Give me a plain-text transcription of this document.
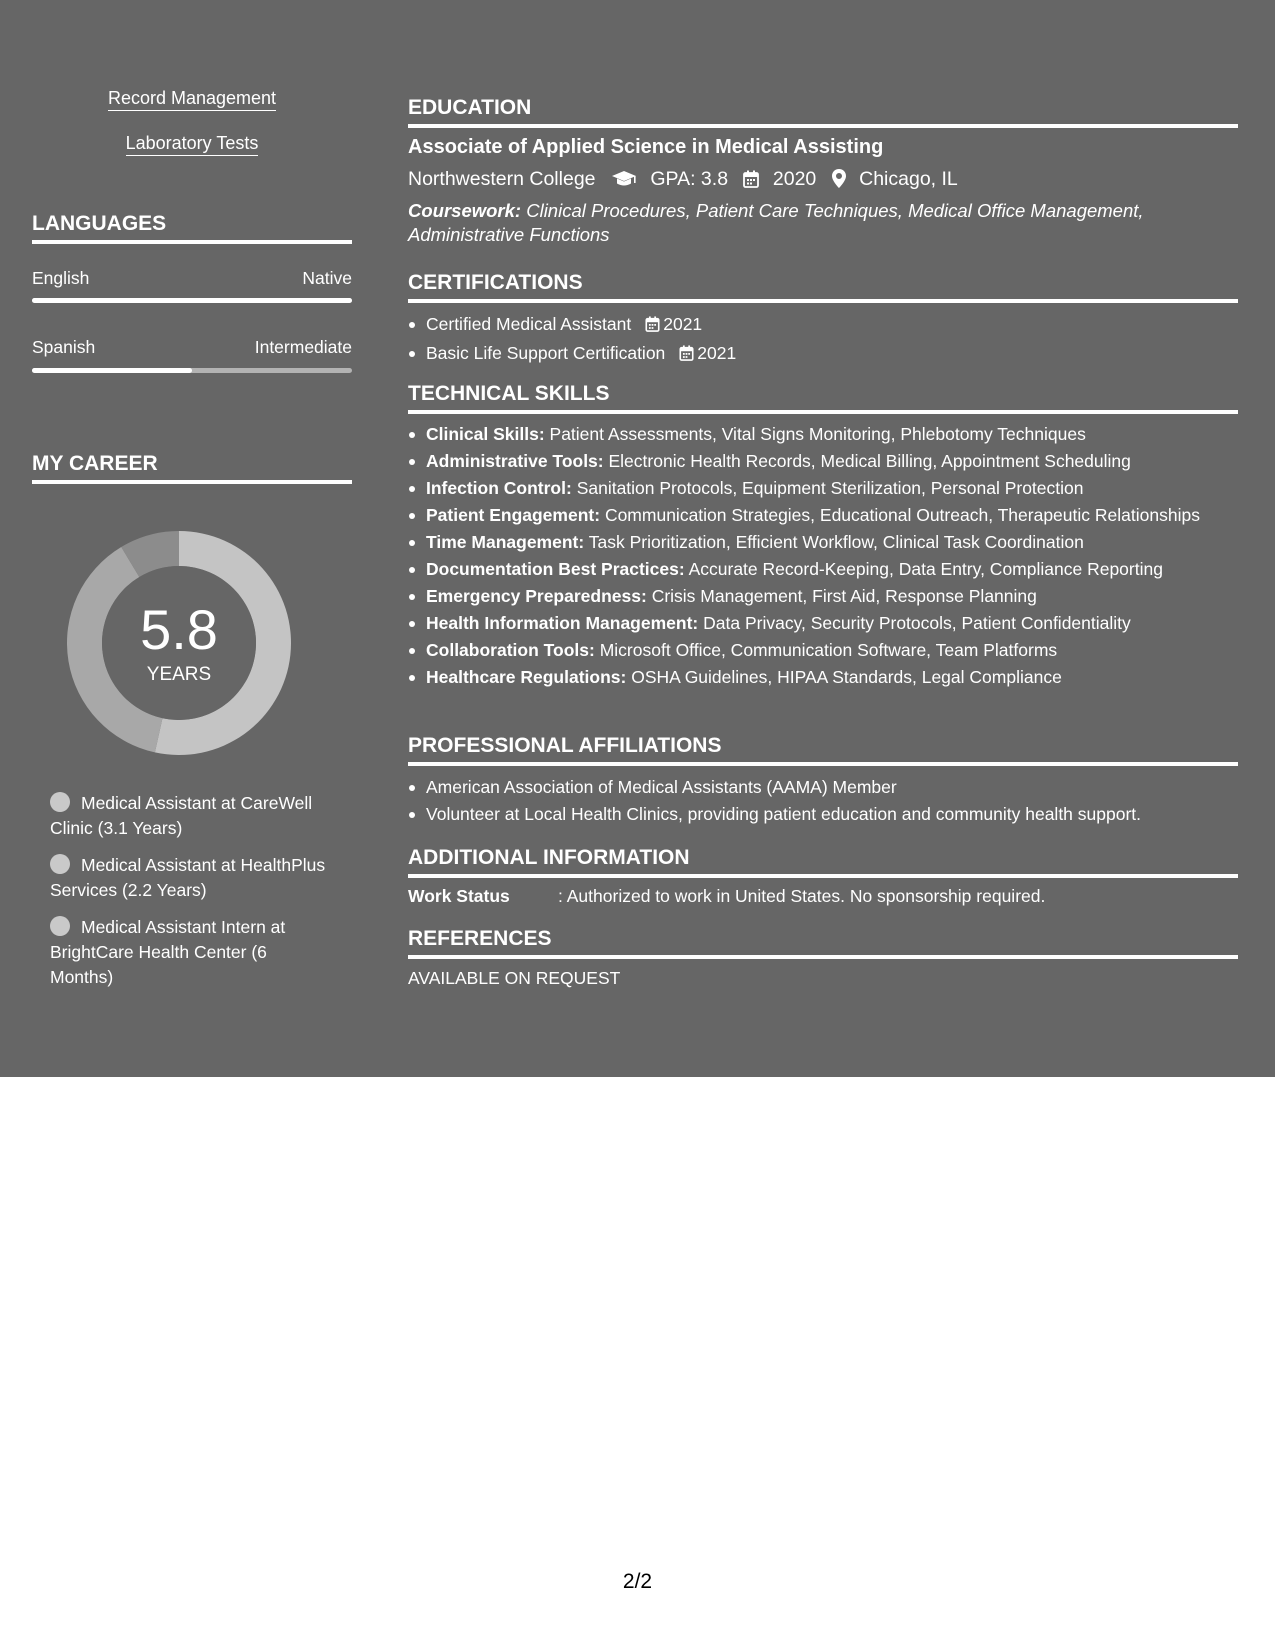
Record Management
Laboratory Tests
LANGUAGES
English	Native
Spanish	Intermediate
MY CAREER
5.8
YEARS
Medical Assistant at CareWell Clinic (3.1 Years)
Medical Assistant at HealthPlus Services (2.2 Years)
Medical Assistant Intern at BrightCare Health Center (6 Months)
EDUCATION
Associate of Applied Science in Medical Assisting
Northwestern College	GPA: 3.8 2020 Chicago, IL
Coursework: Clinical Procedures, Patient Care Techniques, Medical Office Management, Administrative Functions
CERTIFICATIONS
Certified Medical Assistant 2021
Basic Life Support Certification 2021
TECHNICAL SKILLS
Clinical Skills: Patient Assessments, Vital Signs Monitoring, Phlebotomy Techniques
Administrative Tools: Electronic Health Records, Medical Billing, Appointment Scheduling
Infection Control: Sanitation Protocols, Equipment Sterilization, Personal Protection
Patient Engagement: Communication Strategies, Educational Outreach, Therapeutic Relationships
Time Management: Task Prioritization, Efficient Workflow, Clinical Task Coordination
Documentation Best Practices: Accurate Record-Keeping, Data Entry, Compliance Reporting
Emergency Preparedness: Crisis Management, First Aid, Response Planning
Health Information Management: Data Privacy, Security Protocols, Patient Confidentiality
Collaboration Tools: Microsoft Office, Communication Software, Team Platforms
Healthcare Regulations: OSHA Guidelines, HIPAA Standards, Legal Compliance
PROFESSIONAL AFFILIATIONS
American Association of Medical Assistants (AAMA) Member
Volunteer at Local Health Clinics, providing patient education and community health support.
ADDITIONAL INFORMATION
Work Status	: Authorized to work in United States. No sponsorship required.
REFERENCES
AVAILABLE ON REQUEST
2/2
